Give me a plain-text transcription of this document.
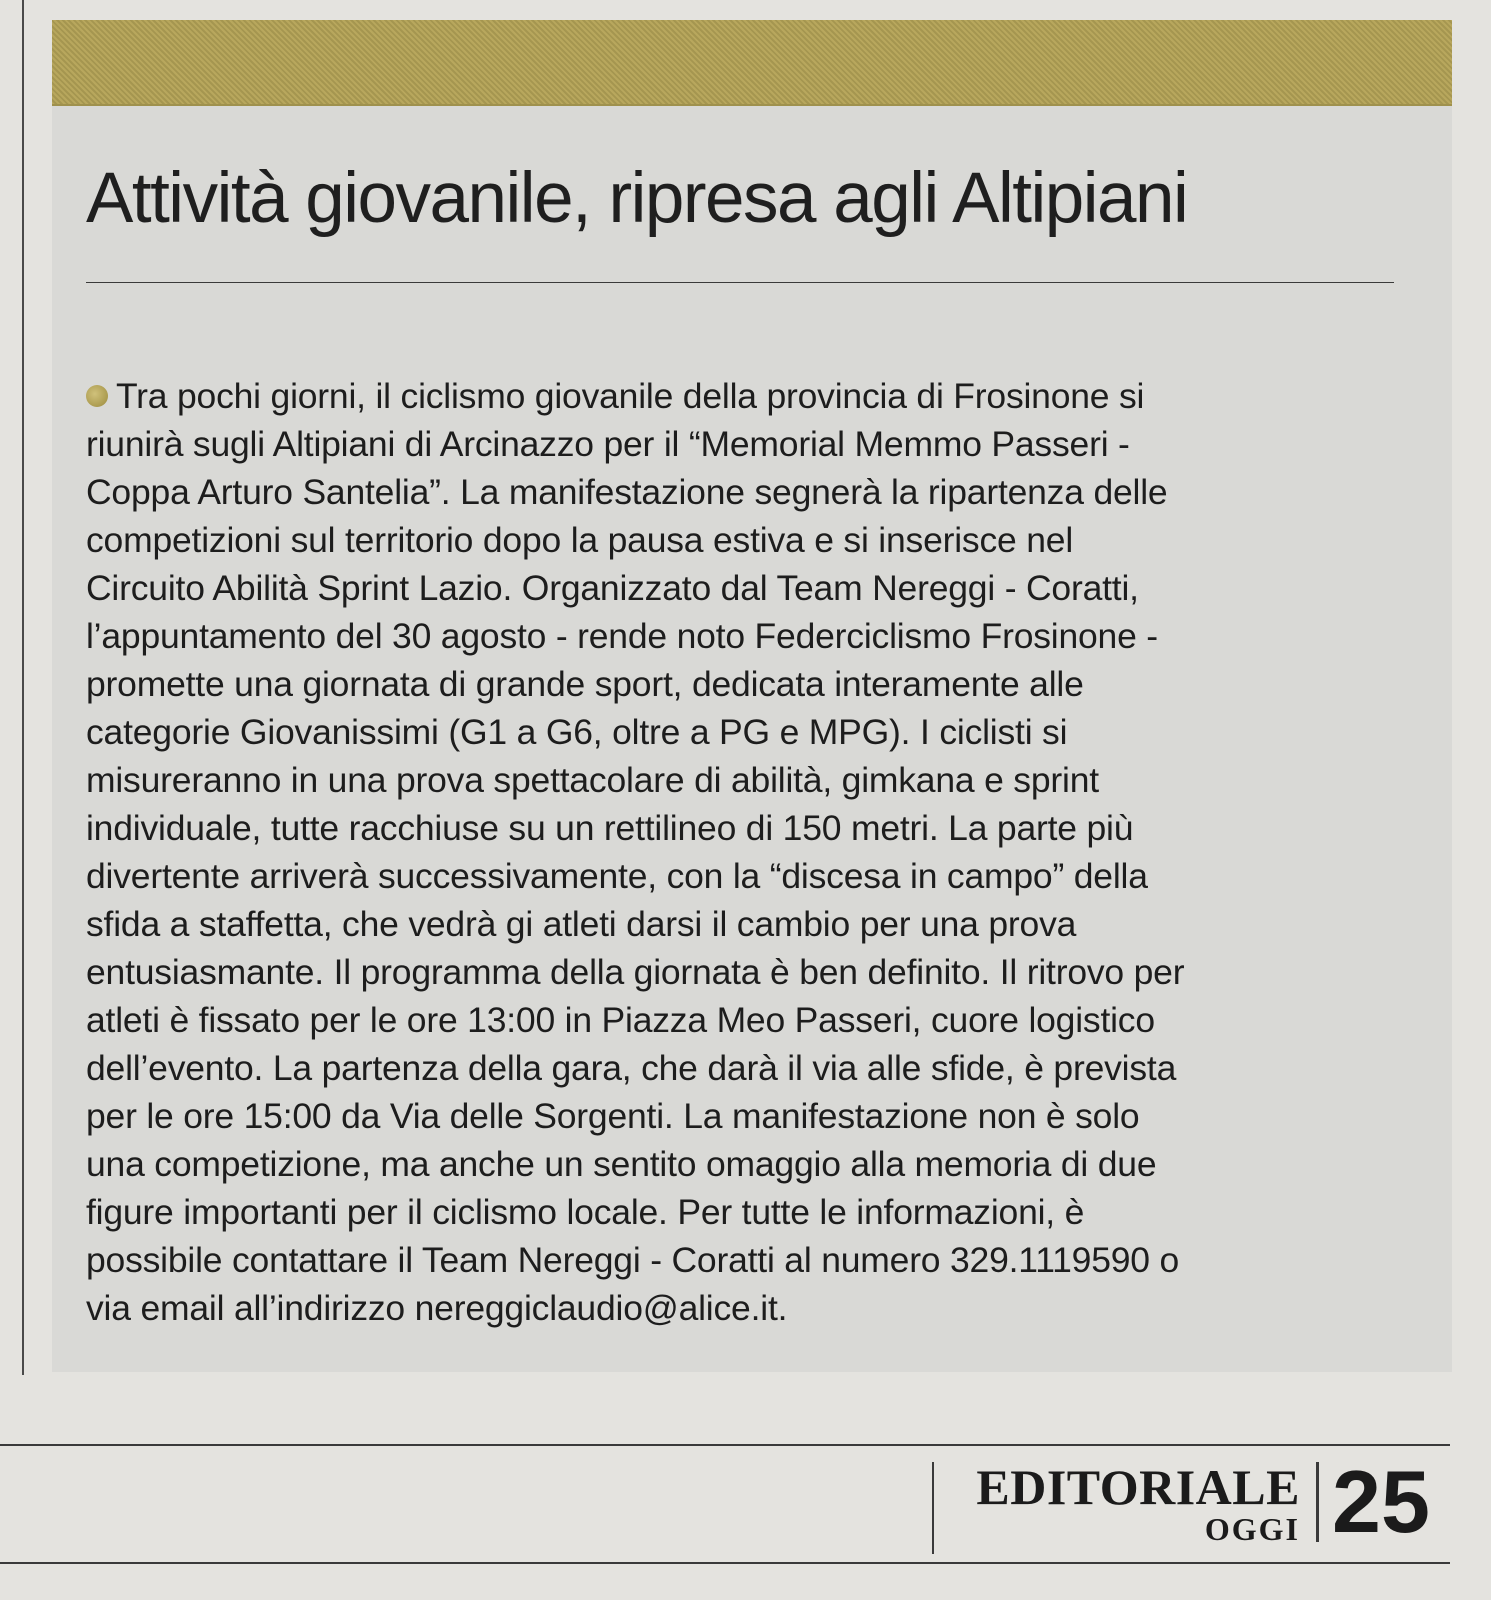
Attività giovanile, ripresa agli Altipiani
Tra pochi giorni, il ciclismo giovanile della provincia di Frosinone si
riunirà sugli Altipiani di Arcinazzo per il “Memorial Memmo Passeri -
Coppa Arturo Santelia”. La manifestazione segnerà la ripartenza delle
competizioni sul territorio dopo la pausa estiva e si inserisce nel
Circuito Abilità Sprint Lazio. Organizzato dal Team Nereggi - Coratti,
l’appuntamento del 30 agosto - rende noto Federciclismo Frosinone -
promette una giornata di grande sport, dedicata interamente alle
categorie Giovanissimi (G1 a G6, oltre a PG e MPG). I ciclisti si
misureranno in una prova spettacolare di abilità, gimkana e sprint
individuale, tutte racchiuse su un rettilineo di 150 metri. La parte più
divertente arriverà successivamente, con la “discesa in campo” della
sfida a staffetta, che vedrà gi atleti darsi il cambio per una prova
entusiasmante. Il programma della giornata è ben definito. Il ritrovo per
atleti è fissato per le ore 13:00 in Piazza Meo Passeri, cuore logistico
dell’evento. La partenza della gara, che darà il via alle sfide, è prevista
per le ore 15:00 da Via delle Sorgenti. La manifestazione non è solo
una competizione, ma anche un sentito omaggio alla memoria di due
figure importanti per il ciclismo locale. Per tutte le informazioni, è
possibile contattare il Team Nereggi - Coratti al numero 329.1119590 o
via email all’indirizzo nereggiclaudio@alice.it.
EDITORIALE
OGGI 25
